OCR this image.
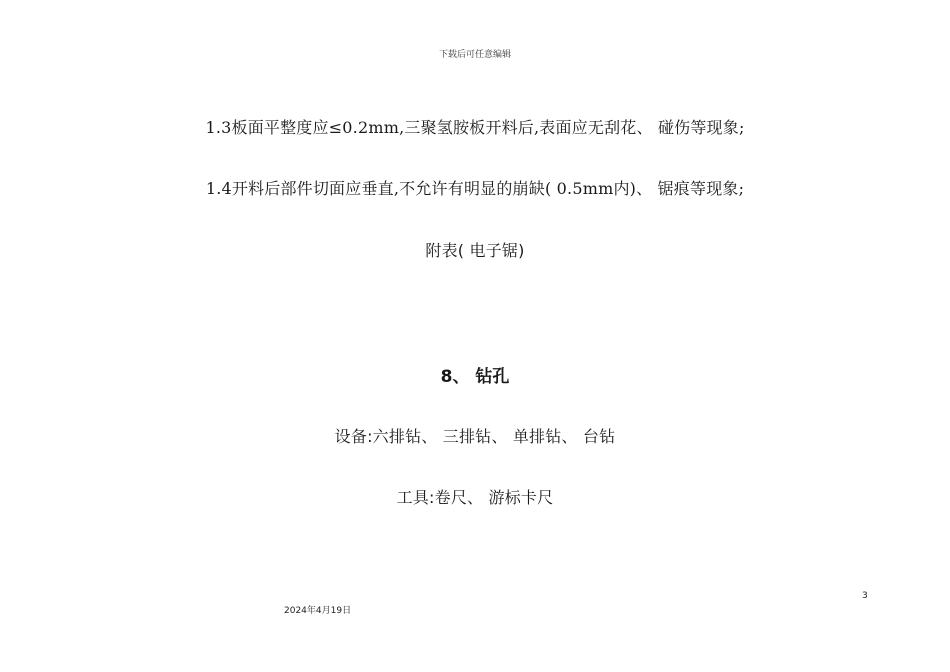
下载后可任意编辑
1.3板面平整度应≤0.2mm,三聚氢胺板开料后,表面应无刮花、 碰伤等现象;
1.4开料后部件切面应垂直,不允许有明显的崩缺( 0.5mm内)、 锯痕等现象;
附表( 电子锯)
8、 钻孔
设备:六排钻、 三排钻、 单排钻、 台钻
工具:卷尺、 游标卡尺
3
2024年4月19日
